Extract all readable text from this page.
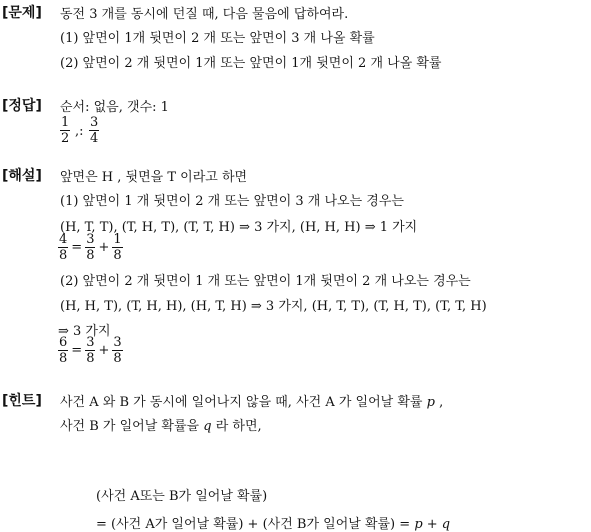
[문제] 동전 3 개를 동시에 던질 때, 다음 물음에 답하여라.
(1) 앞면이 1개 뒷면이 2 개 또는 앞면이 3 개 나올 확률
(2) 앞면이 2 개 뒷면이 1개 또는 앞면이 1개 뒷면이 2 개 나올 확률
[정답] 순서: 없음, 갯수: 1
1
2 ,:
3
4
[해설] 앞면은 H , 뒷면을 T 이라고 하면
(1) 앞면이 1 개 뒷면이 2 개 또는 앞면이 3 개 나오는 경우는
(H, T, T), (T, H, T), (T, T, H) ⇒ 3 가지, (H, H, H) ⇒ 1 가지
$\frac{4}{8} = \frac{3}{8} + \frac{1}{8}$
(2) 앞면이 2 개 뒷면이 1 개 또는 앞면이 1개 뒷면이 2 개 나오는 경우는
(H, H, T), (T, H, H), (H, T, H) ⇒ 3 가지, (H, T, T), (T, H, T), (T, T, H)
⇒ 3 가지
$\frac{6}{8} = \frac{3}{8} + \frac{3}{8}$
[힌트] 사건 A 와 B 가 동시에 일어나지 않을 때, 사건 A 가 일어날 확률 p ,
사건 B 가 일어날 확률을 q 라 하면,
(사건 A또는 B가 일어날 확률)
= (사건 A가 일어날 확률) + (사건 B가 일어날 확률) = p + q
